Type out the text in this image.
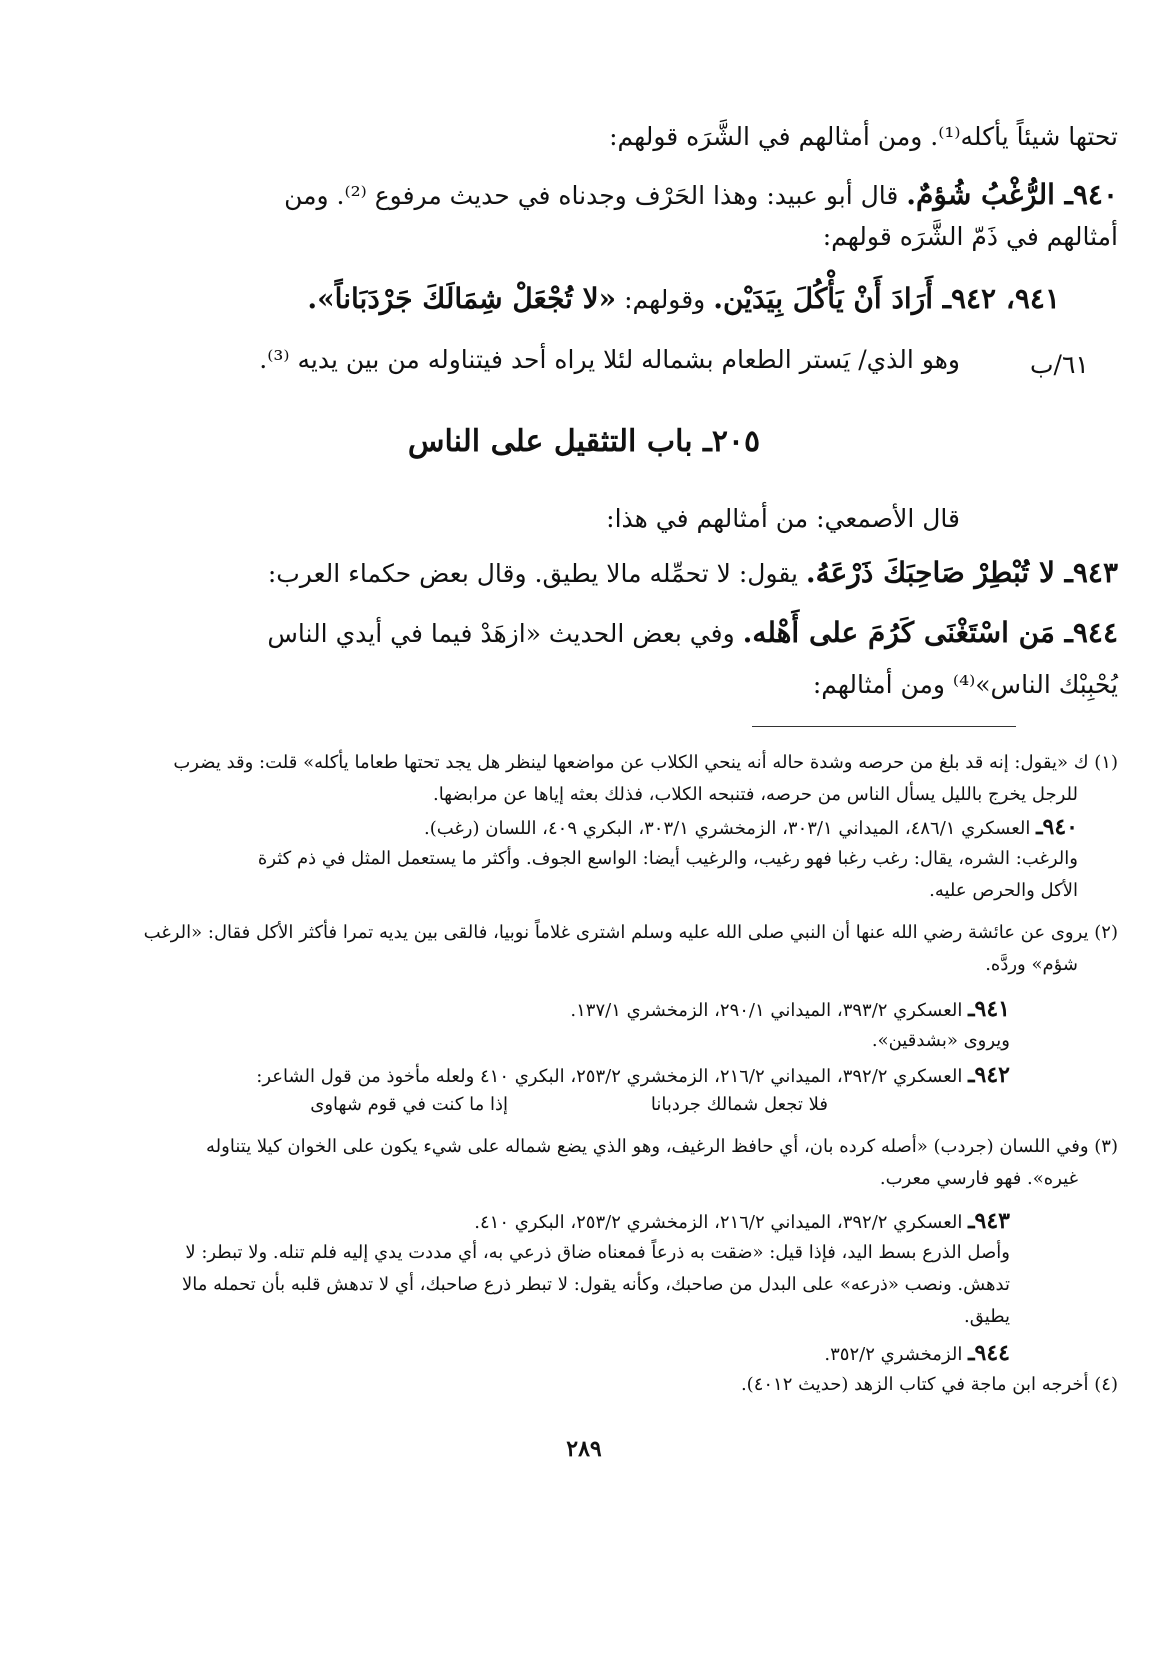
تحتها شيئاً يأكله⁽¹⁾. ومن أمثالهم في الشَّرَه قولهم:
٩٤٠ـ الرُّغْبُ شُؤمٌ. قال أبو عبيد: وهذا الحَرْف وجدناه في حديث مرفوع ⁽²⁾. ومن
أمثالهم في ذَمّ الشَّرَه قولهم:
٩٤١، ٩٤٢ـ أَرَادَ أَنْ يَأْكُلَ بِيَدَيْن. وقولهم: «لا تُجْعَلْ شِمَالَكَ جَرْدَبَاناً».
وهو الذي/ يَستر الطعام بشماله لئلا يراه أحد فيتناوله من بين يديه ⁽³⁾.	٦١/ب
٢٠٥ـ باب التثقيل على الناس
قال الأصمعي: من أمثالهم في هذا:
٩٤٣ـ لا تُبْطِرْ صَاحِبَكَ ذَرْعَهُ. يقول: لا تحمِّله مالا يطيق. وقال بعض حكماء العرب:
٩٤٤ـ مَن اسْتَغْنَى كَرُمَ على أَهْله. وفي بعض الحديث «ازهَدْ فيما في أيدي الناس
يُحْبِبْك الناس»⁽⁴⁾ ومن أمثالهم:
(١) ك «يقول: إنه قد بلغ من حرصه وشدة حاله أنه ينحي الكلاب عن مواضعها لينظر هل يجد تحتها طعاما يأكله» قلت: وقد يضرب
للرجل يخرج بالليل يسأل الناس من حرصه، فتنبحه الكلاب، فذلك بعثه إياها عن مرابضها.
٩٤٠ـ العسكري ٤٨٦/١، الميداني ٣٠٣/١، الزمخشري ٣٠٣/١، البكري ٤٠٩، اللسان (رغب).
والرغب: الشره، يقال: رغب رغبا فهو رغيب، والرغيب أيضا: الواسع الجوف. وأكثر ما يستعمل المثل في ذم كثرة
الأكل والحرص عليه.
(٢) يروى عن عائشة رضي الله عنها أن النبي صلى الله عليه وسلم اشترى غلاماً نوبيا، فالقى بين يديه تمرا فأكثر الأكل فقال: «الرغب
شؤم» وردَّه.
٩٤١ـ العسكري ٣٩٣/٢، الميداني ٢٩٠/١، الزمخشري ١٣٧/١.
ويروى «بشدقين».
٩٤٢ـ العسكري ٣٩٢/٢، الميداني ٢١٦/٢، الزمخشري ٢٥٣/٢، البكري ٤١٠ ولعله مأخوذ من قول الشاعر:
إذا ما كنت في قوم شهاوى	فلا تجعل شمالك جردبانا
(٣) وفي اللسان (جردب) «أصله كرده بان، أي حافظ الرغيف، وهو الذي يضع شماله على شيء يكون على الخوان كيلا يتناوله
غيره». فهو فارسي معرب.
٩٤٣ـ العسكري ٣٩٢/٢، الميداني ٢١٦/٢، الزمخشري ٢٥٣/٢، البكري ٤١٠.
وأصل الذرع بسط اليد، فإذا قيل: «ضقت به ذرعاً فمعناه ضاق ذرعي به، أي مددت يدي إليه فلم تنله. ولا تبطر: لا
تدهش. ونصب «ذرعه» على البدل من صاحبك، وكأنه يقول: لا تبطر ذرع صاحبك، أي لا تدهش قلبه بأن تحمله مالا
يطيق.
٩٤٤ـ الزمخشري ٣٥٢/٢.
(٤) أخرجه ابن ماجة في كتاب الزهد (حديث ٤٠١٢).
٢٨٩
